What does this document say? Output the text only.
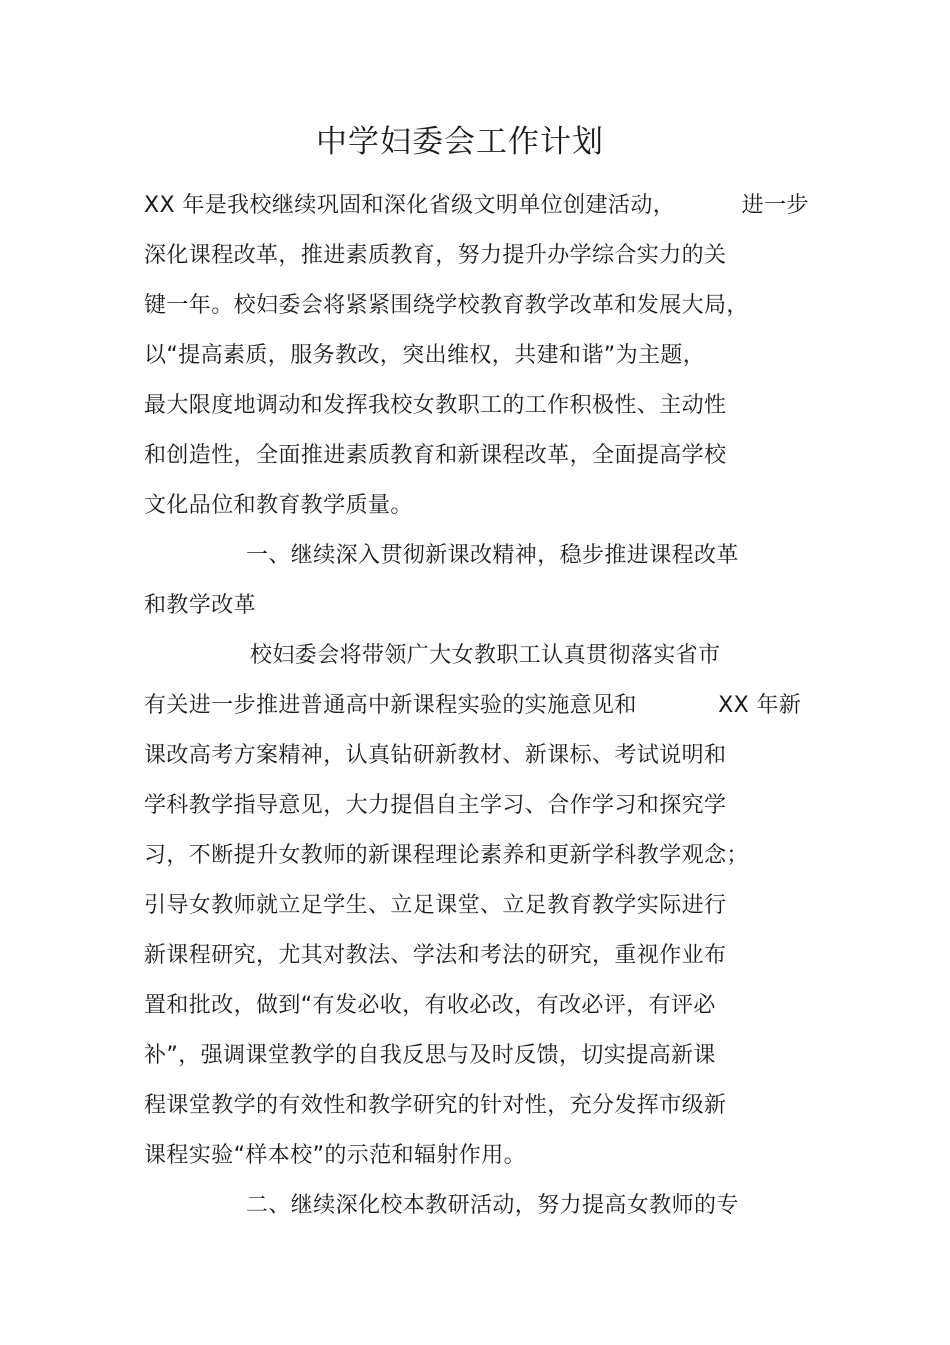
中学妇委会工作计划
XX 年是我校继续巩固和深化省级文明单位创建活动，         进一步
深化课程改革，推进素质教育，努力提升办学综合实力的关
键一年。校妇委会将紧紧围绕学校教育教学改革和发展大局，
以“提高素质，服务教改，突出维权，共建和谐”为主题，
最大限度地调动和发挥我校女教职工的工作积极性、主动性
和创造性，全面推进素质教育和新课程改革，全面提高学校
文化品位和教育教学质量。
一、继续深入贯彻新课改精神，稳步推进课程改革
和教学改革
校妇委会将带领广大女教职工认真贯彻落实省市
有关进一步推进普通高中新课程实验的实施意见和           XX 年新
课改高考方案精神，认真钻研新教材、新课标、考试说明和
学科教学指导意见，大力提倡自主学习、合作学习和探究学
习，不断提升女教师的新课程理论素养和更新学科教学观念；
引导女教师就立足学生、立足课堂、立足教育教学实际进行
新课程研究，尤其对教法、学法和考法的研究，重视作业布
置和批改，做到“有发必收，有收必改，有改必评，有评必
补”，强调课堂教学的自我反思与及时反馈，切实提高新课
程课堂教学的有效性和教学研究的针对性，充分发挥市级新
课程实验“样本校”的示范和辐射作用。
二、继续深化校本教研活动，努力提高女教师的专
